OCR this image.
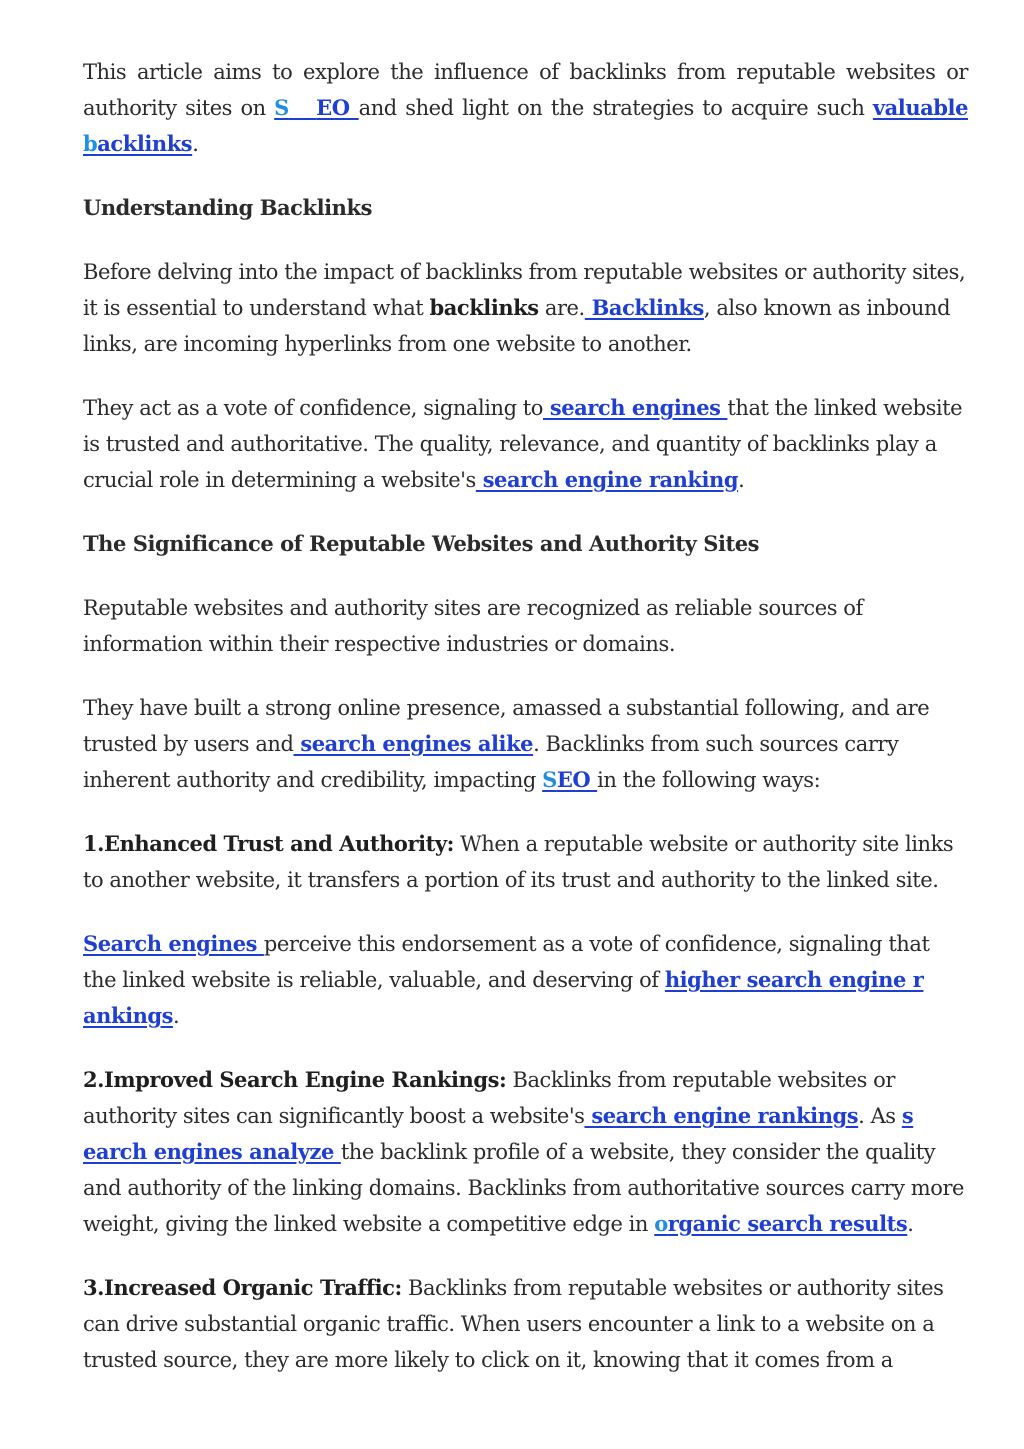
This article aims to explore the influence of backlinks from reputable websites or authority sites on S EO and shed light on the strategies to acquire such valuable backlinks.

Understanding Backlinks

Before delving into the impact of backlinks from reputable websites or authority sites, it is essential to understand what backlinks are. Backlinks, also known as inbound links, are incoming hyperlinks from one website to another.

They act as a vote of confidence, signaling to search engines that the linked website is trusted and authoritative. The quality, relevance, and quantity of backlinks play a crucial role in determining a website's search engine ranking.

The Significance of Reputable Websites and Authority Sites

Reputable websites and authority sites are recognized as reliable sources of information within their respective industries or domains.

They have built a strong online presence, amassed a substantial following, and are trusted by users and search engines alike. Backlinks from such sources carry inherent authority and credibility, impacting SEO in the following ways:

1.Enhanced Trust and Authority: When a reputable website or authority site links to another website, it transfers a portion of its trust and authority to the linked site.

Search engines perceive this endorsement as a vote of confidence, signaling that the linked website is reliable, valuable, and deserving of higher search engine r ankings.

2.Improved Search Engine Rankings: Backlinks from reputable websites or authority sites can significantly boost a website's search engine rankings. As s earch engines analyze the backlink profile of a website, they consider the quality and authority of the linking domains. Backlinks from authoritative sources carry more weight, giving the linked website a competitive edge in organic search results.

3.Increased Organic Traffic: Backlinks from reputable websites or authority sites can drive substantial organic traffic. When users encounter a link to a website on a trusted source, they are more likely to click on it, knowing that it comes from a
